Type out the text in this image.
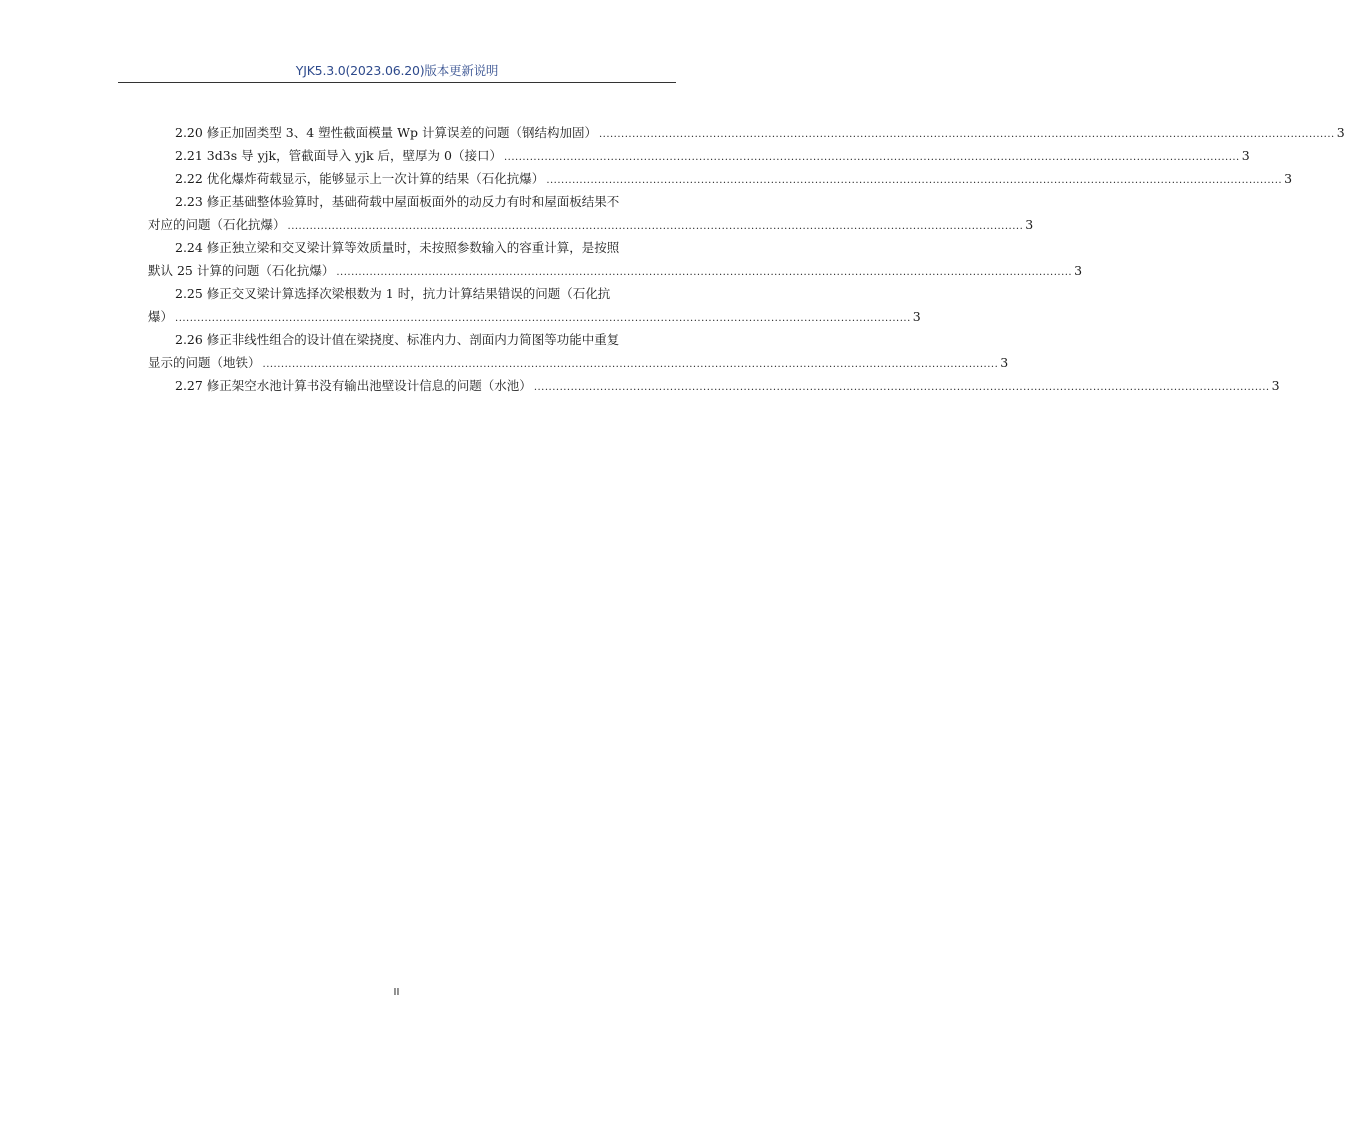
YJK5.3.0(2023.06.20)版本更新说明
2.20 修正加固类型 3、4 塑性截面模量 Wp 计算误差的问题（钢结构加固） ........................................................................................................................................................................................................ 3
2.21 3d3s 导 yjk，管截面导入 yjk 后，壁厚为 0（接口） ........................................................................................................................................................................................................ 3
2.22 优化爆炸荷载显示，能够显示上一次计算的结果（石化抗爆） ........................................................................................................................................................................................................ 3
2.23 修正基础整体验算时，基础荷载中屋面板面外的动反力有时和屋面板结果不
对应的问题（石化抗爆） ........................................................................................................................................................................................................ 3
2.24 修正独立梁和交叉梁计算等效质量时，未按照参数输入的容重计算，是按照
默认 25 计算的问题（石化抗爆） ........................................................................................................................................................................................................ 3
2.25 修正交叉梁计算选择次梁根数为 1 时，抗力计算结果错误的问题（石化抗
爆） ........................................................................................................................................................................................................ 3
2.26 修正非线性组合的设计值在梁挠度、标准内力、剖面内力简图等功能中重复
显示的问题（地铁） ........................................................................................................................................................................................................ 3
2.27 修正架空水池计算书没有输出池壁设计信息的问题（水池） ........................................................................................................................................................................................................ 3
II
